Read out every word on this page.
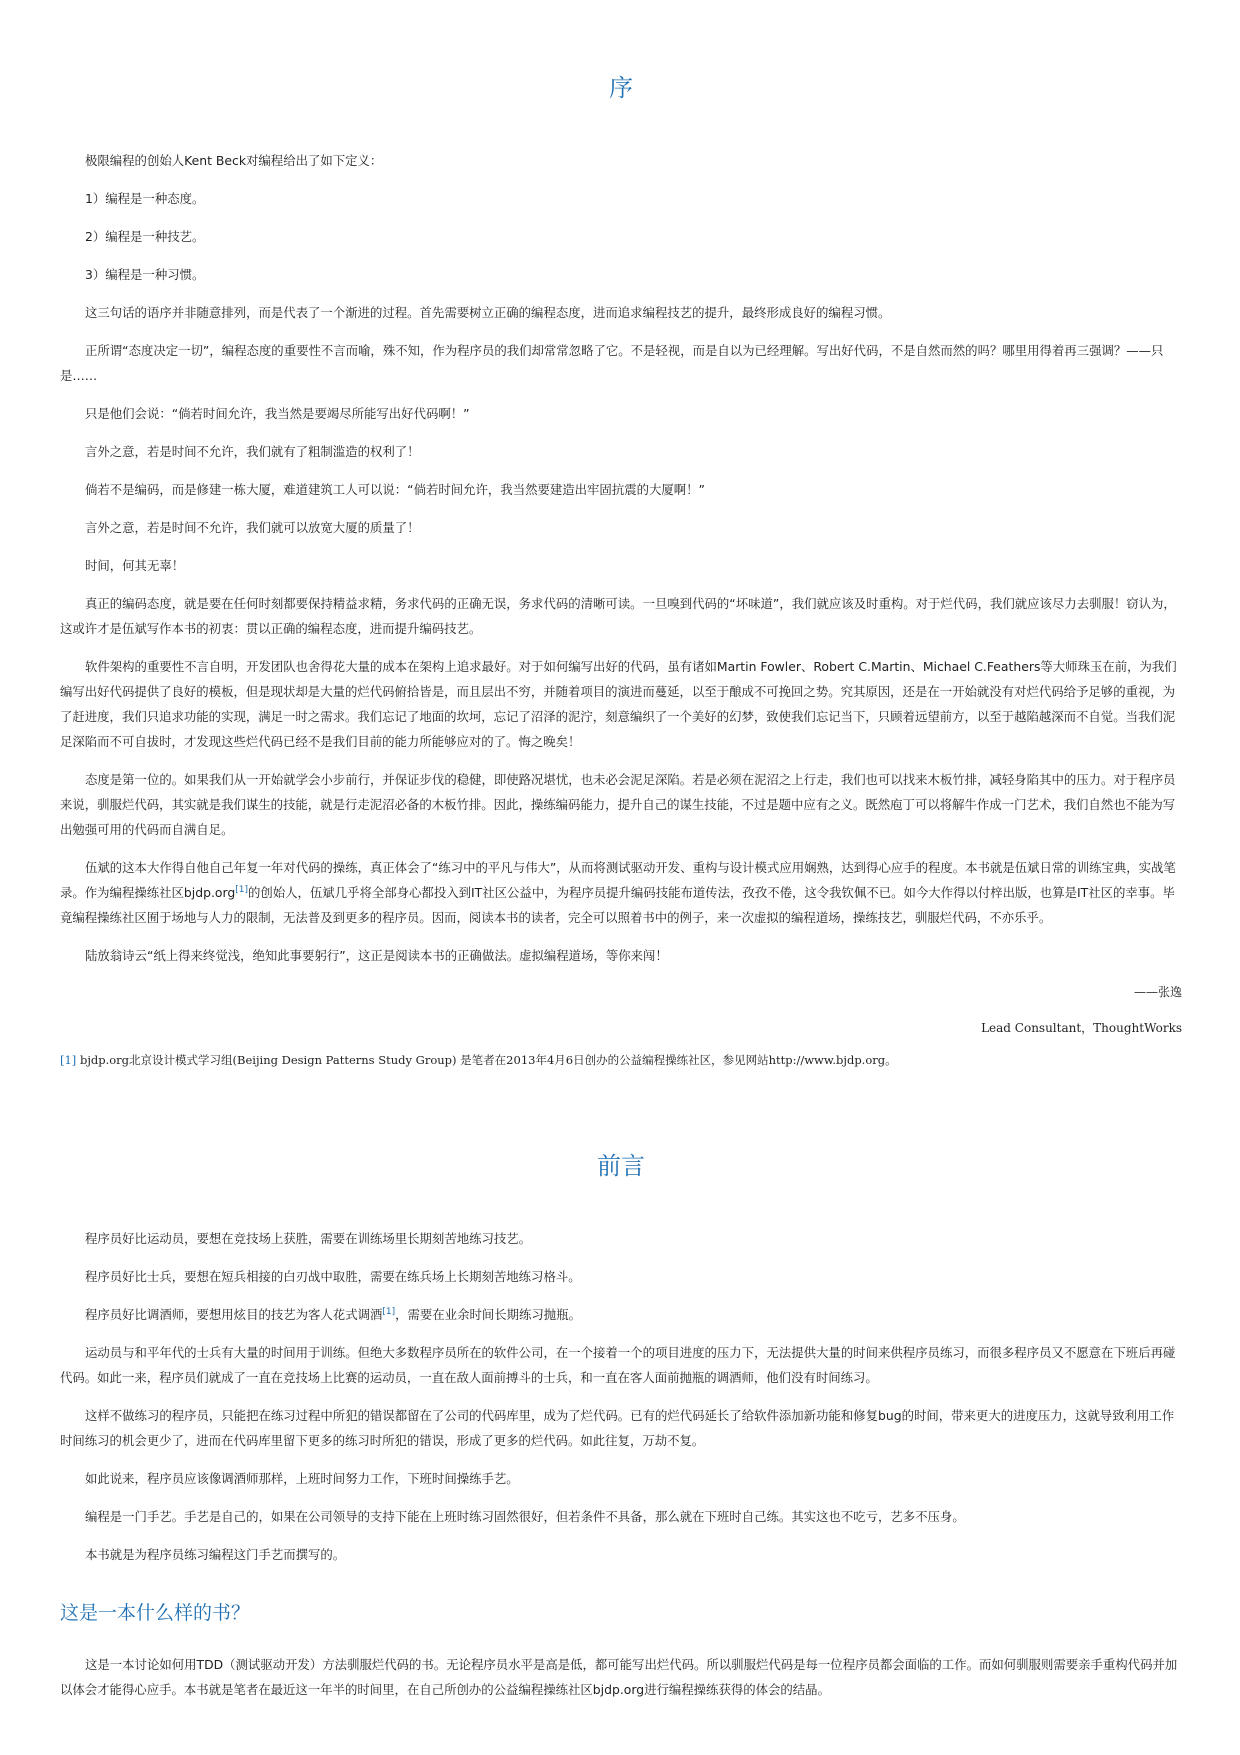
序

极限编程的创始人Kent Beck对编程给出了如下定义：

1）编程是一种态度。

2）编程是一种技艺。

3）编程是一种习惯。

这三句话的语序并非随意排列，而是代表了一个渐进的过程。首先需要树立正确的编程态度，进而追求编程技艺的提升，最终形成良好的编程习惯。

正所谓“态度决定一切”，编程态度的重要性不言而喻，殊不知，作为程序员的我们却常常忽略了它。不是轻视，而是自以为已经理解。写出好代码，不是自然而然的吗？哪里用得着再三强调？——只是……

只是他们会说：“倘若时间允许，我当然是要竭尽所能写出好代码啊！”

言外之意，若是时间不允许，我们就有了粗制滥造的权利了！

倘若不是编码，而是修建一栋大厦，难道建筑工人可以说：“倘若时间允许，我当然要建造出牢固抗震的大厦啊！”

言外之意，若是时间不允许，我们就可以放宽大厦的质量了！

时间，何其无辜！

真正的编码态度，就是要在任何时刻都要保持精益求精，务求代码的正确无误，务求代码的清晰可读。一旦嗅到代码的“坏味道”，我们就应该及时重构。对于烂代码，我们就应该尽力去驯服！窃认为，这或许才是伍斌写作本书的初衷：贯以正确的编程态度，进而提升编码技艺。

软件架构的重要性不言自明，开发团队也舍得花大量的成本在架构上追求最好。对于如何编写出好的代码，虽有诸如Martin Fowler、Robert C.Martin、Michael C.Feathers等大师珠玉在前，为我们编写出好代码提供了良好的模板，但是现状却是大量的烂代码俯拾皆是，而且层出不穷，并随着项目的演进而蔓延，以至于酿成不可挽回之势。究其原因，还是在一开始就没有对烂代码给予足够的重视，为了赶进度，我们只追求功能的实现，满足一时之需求。我们忘记了地面的坎坷，忘记了沼泽的泥泞，刻意编织了一个美好的幻梦，致使我们忘记当下，只顾着远望前方，以至于越陷越深而不自觉。当我们泥足深陷而不可自拔时，才发现这些烂代码已经不是我们目前的能力所能够应对的了。悔之晚矣！

态度是第一位的。如果我们从一开始就学会小步前行，并保证步伐的稳健，即使路况堪忧，也未必会泥足深陷。若是必须在泥沼之上行走，我们也可以找来木板竹排，减轻身陷其中的压力。对于程序员来说，驯服烂代码，其实就是我们谋生的技能，就是行走泥沼必备的木板竹排。因此，操练编码能力，提升自己的谋生技能，不过是题中应有之义。既然庖丁可以将解牛作成一门艺术，我们自然也不能为写出勉强可用的代码而自满自足。

伍斌的这本大作得自他自己年复一年对代码的操练，真正体会了“练习中的平凡与伟大”，从而将测试驱动开发、重构与设计模式应用娴熟，达到得心应手的程度。本书就是伍斌日常的训练宝典，实战笔录。作为编程操练社区bjdp.org[1]的创始人，伍斌几乎将全部身心都投入到IT社区公益中，为程序员提升编码技能布道传法，孜孜不倦，这令我钦佩不已。如今大作得以付梓出版，也算是IT社区的幸事。毕竟编程操练社区囿于场地与人力的限制，无法普及到更多的程序员。因而，阅读本书的读者，完全可以照着书中的例子，来一次虚拟的编程道场，操练技艺，驯服烂代码，不亦乐乎。

陆放翁诗云“纸上得来终觉浅，绝知此事要躬行”，这正是阅读本书的正确做法。虚拟编程道场，等你来闯！

——张逸

Lead Consultant，ThoughtWorks

[1] bjdp.org北京设计模式学习组(Beijing Design Patterns Study Group) 是笔者在2013年4月6日创办的公益编程操练社区，参见网站http://www.bjdp.org。

前言

程序员好比运动员，要想在竞技场上获胜，需要在训练场里长期刻苦地练习技艺。

程序员好比士兵，要想在短兵相接的白刃战中取胜，需要在练兵场上长期刻苦地练习格斗。

程序员好比调酒师，要想用炫目的技艺为客人花式调酒[1]，需要在业余时间长期练习抛瓶。

运动员与和平年代的士兵有大量的时间用于训练。但绝大多数程序员所在的软件公司，在一个接着一个的项目进度的压力下，无法提供大量的时间来供程序员练习，而很多程序员又不愿意在下班后再碰代码。如此一来，程序员们就成了一直在竞技场上比赛的运动员，一直在敌人面前搏斗的士兵，和一直在客人面前抛瓶的调酒师，他们没有时间练习。

这样不做练习的程序员，只能把在练习过程中所犯的错误都留在了公司的代码库里，成为了烂代码。已有的烂代码延长了给软件添加新功能和修复bug的时间，带来更大的进度压力，这就导致利用工作时间练习的机会更少了，进而在代码库里留下更多的练习时所犯的错误，形成了更多的烂代码。如此往复，万劫不复。

如此说来，程序员应该像调酒师那样，上班时间努力工作，下班时间操练手艺。

编程是一门手艺。手艺是自己的，如果在公司领导的支持下能在上班时练习固然很好，但若条件不具备，那么就在下班时自己练。其实这也不吃亏，艺多不压身。

本书就是为程序员练习编程这门手艺而撰写的。

这是一本什么样的书？

这是一本讨论如何用TDD（测试驱动开发）方法驯服烂代码的书。无论程序员水平是高是低，都可能写出烂代码。所以驯服烂代码是每一位程序员都会面临的工作。而如何驯服则需要亲手重构代码并加以体会才能得心应手。本书就是笔者在最近这一年半的时间里，在自己所创办的公益编程操练社区bjdp.org进行编程操练获得的体会的结晶。
